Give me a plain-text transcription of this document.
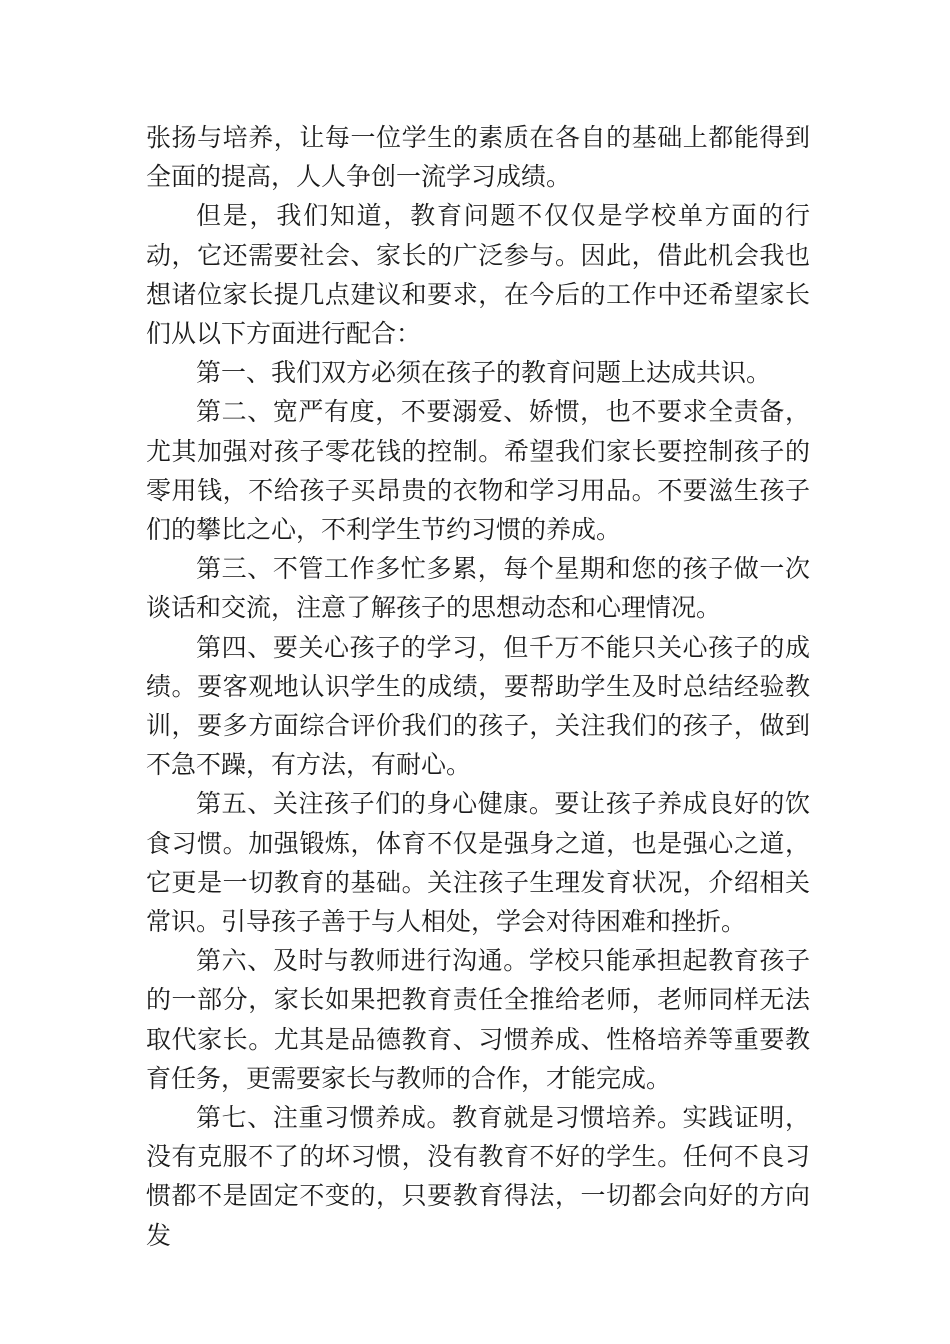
张扬与培养，让每一位学生的素质在各自的基础上都能得到全面的提高，人人争创一流学习成绩。

但是，我们知道，教育问题不仅仅是学校单方面的行动，它还需要社会、家长的广泛参与。因此，借此机会我也想诸位家长提几点建议和要求，在今后的工作中还希望家长们从以下方面进行配合：

第一、我们双方必须在孩子的教育问题上达成共识。

第二、宽严有度，不要溺爱、娇惯，也不要求全责备，尤其加强对孩子零花钱的控制。希望我们家长要控制孩子的零用钱，不给孩子买昂贵的衣物和学习用品。不要滋生孩子们的攀比之心，不利学生节约习惯的养成。

第三、不管工作多忙多累，每个星期和您的孩子做一次谈话和交流，注意了解孩子的思想动态和心理情况。

第四、要关心孩子的学习，但千万不能只关心孩子的成绩。要客观地认识学生的成绩，要帮助学生及时总结经验教训，要多方面综合评价我们的孩子，关注我们的孩子，做到不急不躁，有方法，有耐心。

第五、关注孩子们的身心健康。要让孩子养成良好的饮食习惯。加强锻炼，体育不仅是强身之道，也是强心之道，它更是一切教育的基础。关注孩子生理发育状况，介绍相关常识。引导孩子善于与人相处，学会对待困难和挫折。

第六、及时与教师进行沟通。学校只能承担起教育孩子的一部分，家长如果把教育责任全推给老师，老师同样无法取代家长。尤其是品德教育、习惯养成、性格培养等重要教育任务，更需要家长与教师的合作，才能完成。

第七、注重习惯养成。教育就是习惯培养。实践证明，没有克服不了的坏习惯，没有教育不好的学生。任何不良习惯都不是固定不变的，只要教育得法，一切都会向好的方向发
